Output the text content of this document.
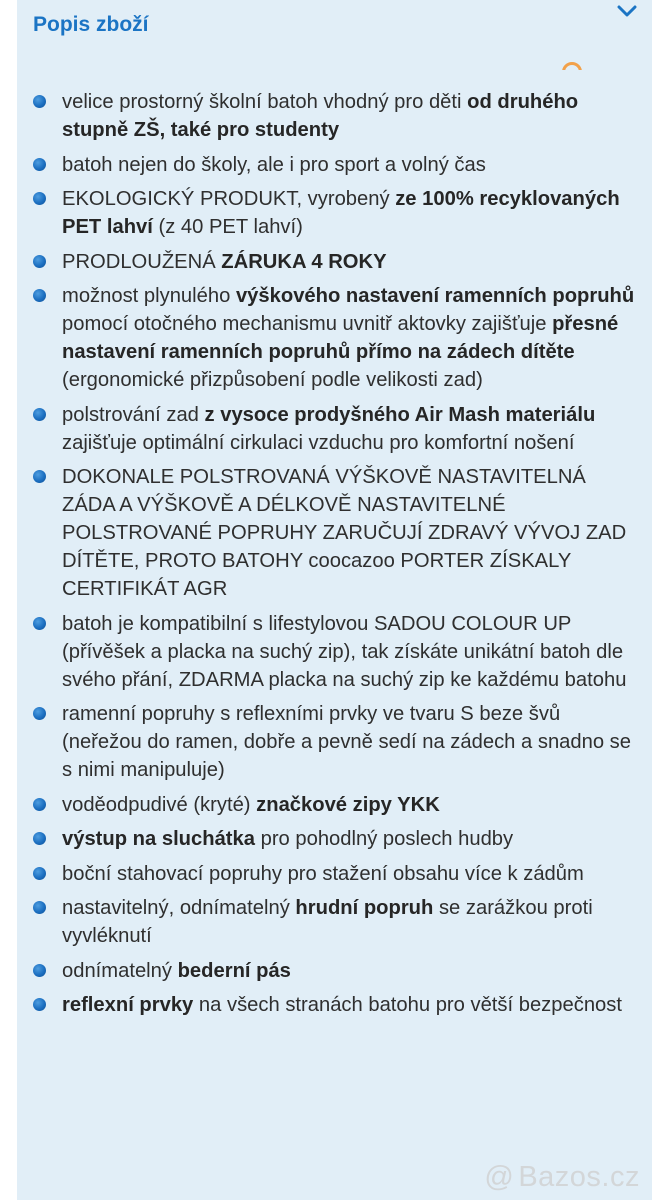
Popis zboží
velice prostorný školní batoh vhodný pro děti od druhého stupně ZŠ, také pro studenty
batoh nejen do školy, ale i pro sport a volný čas
EKOLOGICKÝ PRODUKT, vyrobený ze 100% recyklovaných PET lahví (z 40 PET lahví)
PRODLOUŽENÁ ZÁRUKA 4 ROKY
možnost plynulého výškového nastavení ramenních popruhů pomocí otočného mechanismu uvnitř aktovky zajišťuje přesné nastavení ramenních popruhů přímo na zádech dítěte (ergonomické přizpůsobení podle velikosti zad)
polstrování zad z vysoce prodyšného Air Mash materiálu zajišťuje optimální cirkulaci vzduchu pro komfortní nošení
DOKONALE POLSTROVANÁ VÝŠKOVĚ NASTAVITELNÁ ZÁDA A VÝŠKOVĚ A DÉLKOVĚ NASTAVITELNÉ POLSTROVANÉ POPRUHY ZARUČUJÍ ZDRAVÝ VÝVOJ ZAD DÍTĚTE, PROTO BATOHY coocazoo PORTER ZÍSKALY CERTIFIKÁT AGR
batoh je kompatibilní s lifestylovou SADOU COLOUR UP (přívěšek a placka na suchý zip), tak získáte unikátní batoh dle svého přání, ZDARMA placka na suchý zip ke každému batohu
ramenní popruhy s reflexními prvky ve tvaru S beze švů (neřežou do ramen, dobře a pevně sedí na zádech a snadno se s nimi manipuluje)
voděodpudivé (kryté) značkové zipy YKK
výstup na sluchátka pro pohodlný poslech hudby
boční stahovací popruhy pro stažení obsahu více k zádům
nastavitelný, odnímatelný hrudní popruh se zarážkou proti vyvléknutí
odnímatelný bederní pás
reflexní prvky na všech stranách batohu pro větší bezpečnost
@ Bazos.cz
